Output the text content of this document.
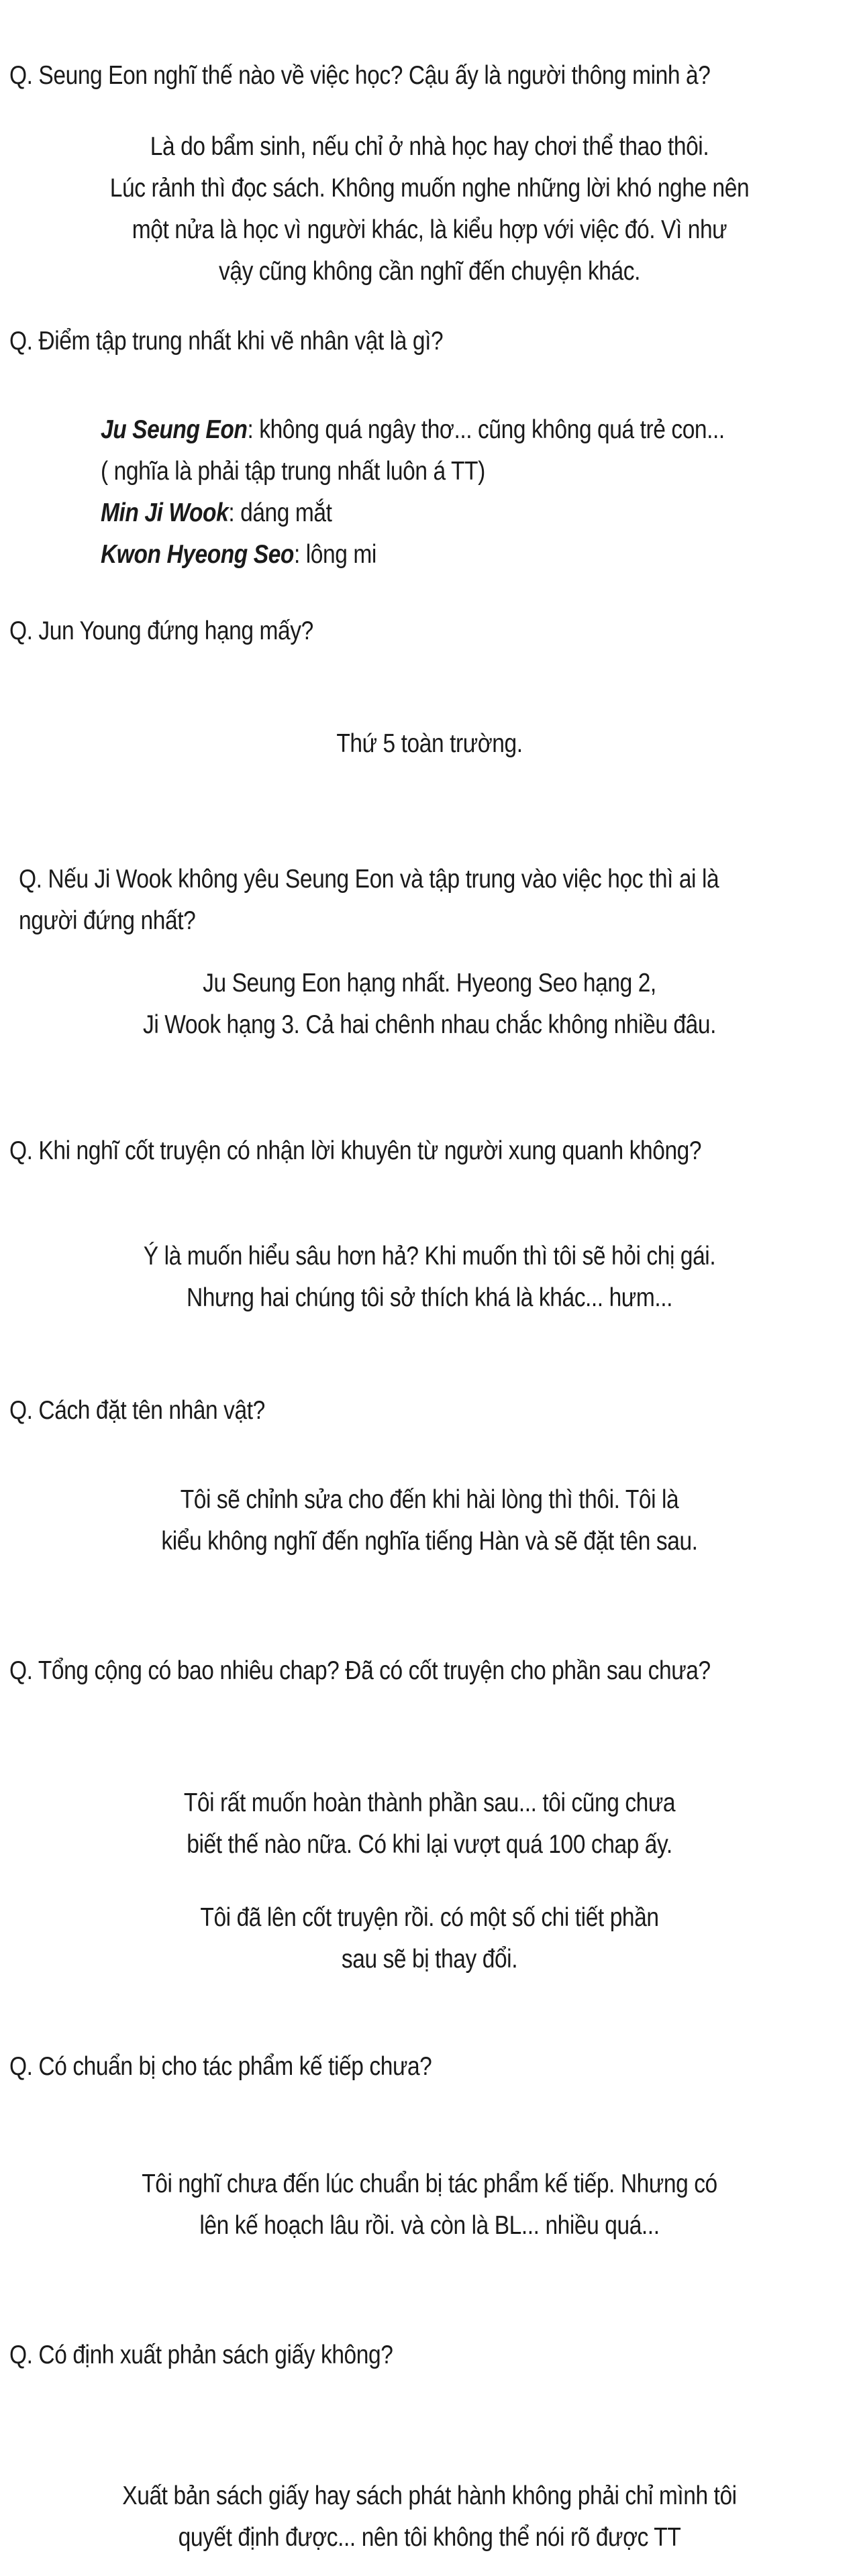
Q. Seung Eon nghĩ thế nào về việc học? Cậu ấy là người thông minh à?
Là do bẩm sinh, nếu chỉ ở nhà học hay chơi thể thao thôi.
Lúc rảnh thì đọc sách. Không muốn nghe những lời khó nghe nên
một nửa là học vì người khác, là kiểu hợp với việc đó. Vì như
vậy cũng không cần nghĩ đến chuyện khác.
Q. Điểm tập trung nhất khi vẽ nhân vật là gì?
Ju Seung Eon: không quá ngây thơ... cũng không quá trẻ con...
( nghĩa là phải tập trung nhất luôn á TT)
Min Ji Wook: dáng mắt
Kwon Hyeong Seo: lông mi
Q. Jun Young đứng hạng mấy?
Thứ 5 toàn trường.
Q. Nếu Ji Wook không yêu Seung Eon và tập trung vào việc học thì ai là
người đứng nhất?
Ju Seung Eon hạng nhất. Hyeong Seo hạng 2,
Ji Wook hạng 3. Cả hai chênh nhau chắc không nhiều đâu.
Q. Khi nghĩ cốt truyện có nhận lời khuyên từ người xung quanh không?
Ý là muốn hiểu sâu hơn hả? Khi muốn thì tôi sẽ hỏi chị gái.
Nhưng hai chúng tôi sở thích khá là khác... hưm...
Q. Cách đặt tên nhân vật?
Tôi sẽ chỉnh sửa cho đến khi hài lòng thì thôi. Tôi là
kiểu không nghĩ đến nghĩa tiếng Hàn và sẽ đặt tên sau.
Q. Tổng cộng có bao nhiêu chap? Đã có cốt truyện cho phần sau chưa?
Tôi rất muốn hoàn thành phần sau... tôi cũng chưa
biết thế nào nữa. Có khi lại vượt quá 100 chap ấy.
Tôi đã lên cốt truyện rồi. có một số chi tiết phần
sau sẽ bị thay đổi.
Q. Có chuẩn bị cho tác phẩm kế tiếp chưa?
Tôi nghĩ chưa đến lúc chuẩn bị tác phẩm kế tiếp. Nhưng có
lên kế hoạch lâu rồi. và còn là BL... nhiều quá...
Q. Có định xuất phản sách giấy không?
Xuất bản sách giấy hay sách phát hành không phải chỉ mình tôi
quyết định được... nên tôi không thể nói rõ được TT
